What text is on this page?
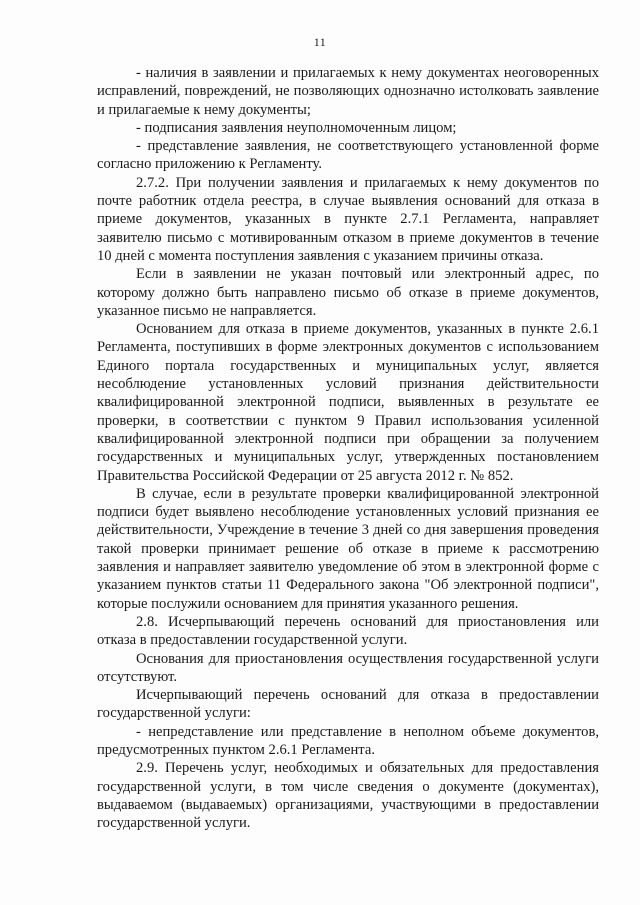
11

- наличия в заявлении и прилагаемых к нему документах неоговоренных исправлений, повреждений, не позволяющих однозначно истолковать заявление и прилагаемые к нему документы;

- подписания заявления неуполномоченным лицом;

- представление заявления, не соответствующего установленной форме согласно приложению к Регламенту.

2.7.2. При получении заявления и прилагаемых к нему документов по почте работник отдела реестра, в случае выявления оснований для отказа в приеме документов, указанных в пункте 2.7.1 Регламента, направляет заявителю письмо с мотивированным отказом в приеме документов в течение 10 дней с момента поступления заявления с указанием причины отказа.

Если в заявлении не указан почтовый или электронный адрес, по которому должно быть направлено письмо об отказе в приеме документов, указанное письмо не направляется.

Основанием для отказа в приеме документов, указанных в пункте 2.6.1 Регламента, поступивших в форме электронных документов с использованием Единого портала государственных и муниципальных услуг, является несоблюдение установленных условий признания действительности квалифицированной электронной подписи, выявленных в результате ее проверки, в соответствии с пунктом 9 Правил использования усиленной квалифицированной электронной подписи при обращении за получением государственных и муниципальных услуг, утвержденных постановлением Правительства Российской Федерации от 25 августа 2012 г. № 852.

В случае, если в результате проверки квалифицированной электронной подписи будет выявлено несоблюдение установленных условий признания ее действительности, Учреждение в течение 3 дней со дня завершения проведения такой проверки принимает решение об отказе в приеме к рассмотрению заявления и направляет заявителю уведомление об этом в электронной форме с указанием пунктов статьи 11 Федерального закона "Об электронной подписи", которые послужили основанием для принятия указанного решения.

2.8. Исчерпывающий перечень оснований для приостановления или отказа в предоставлении государственной услуги.

Основания для приостановления осуществления государственной услуги отсутствуют.

Исчерпывающий перечень оснований для отказа в предоставлении государственной услуги:

- непредставление или представление в неполном объеме документов, предусмотренных пунктом 2.6.1 Регламента.

2.9. Перечень услуг, необходимых и обязательных для предоставления государственной услуги, в том числе сведения о документе (документах), выдаваемом (выдаваемых) организациями, участвующими в предоставлении государственной услуги.
